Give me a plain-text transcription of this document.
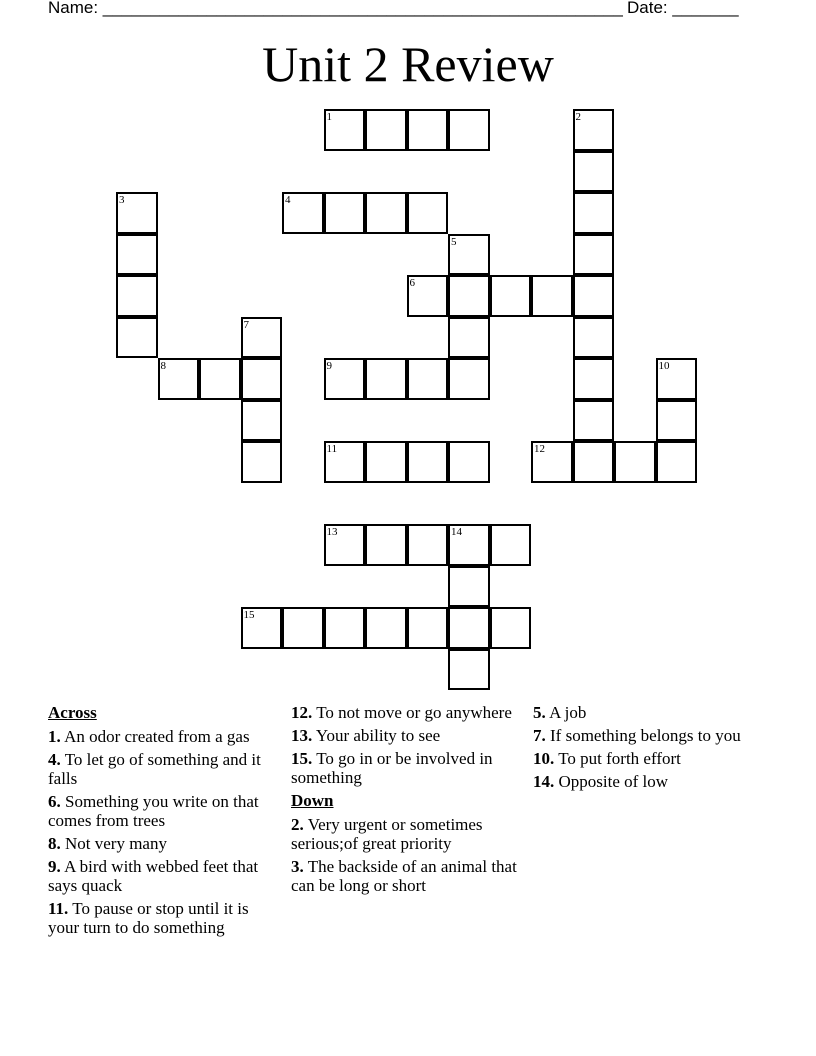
Name: _______________________________________________________ Date: _______
Unit 2 Review
1	2
3	4
5
6
7
8	9	10
11	12
13	14
15
Across
1. An odor created from a gas
4. To let go of something and it falls
6. Something you write on that comes from trees
8. Not very many
9. A bird with webbed feet that says quack
11. To pause or stop until it is your turn to do something
12. To not move or go anywhere
13. Your ability to see
15. To go in or be involved in something
Down
2. Very urgent or sometimes serious;of great priority
3. The backside of an animal that can be long or short
5. A job
7. If something belongs to you
10. To put forth effort
14. Opposite of low
